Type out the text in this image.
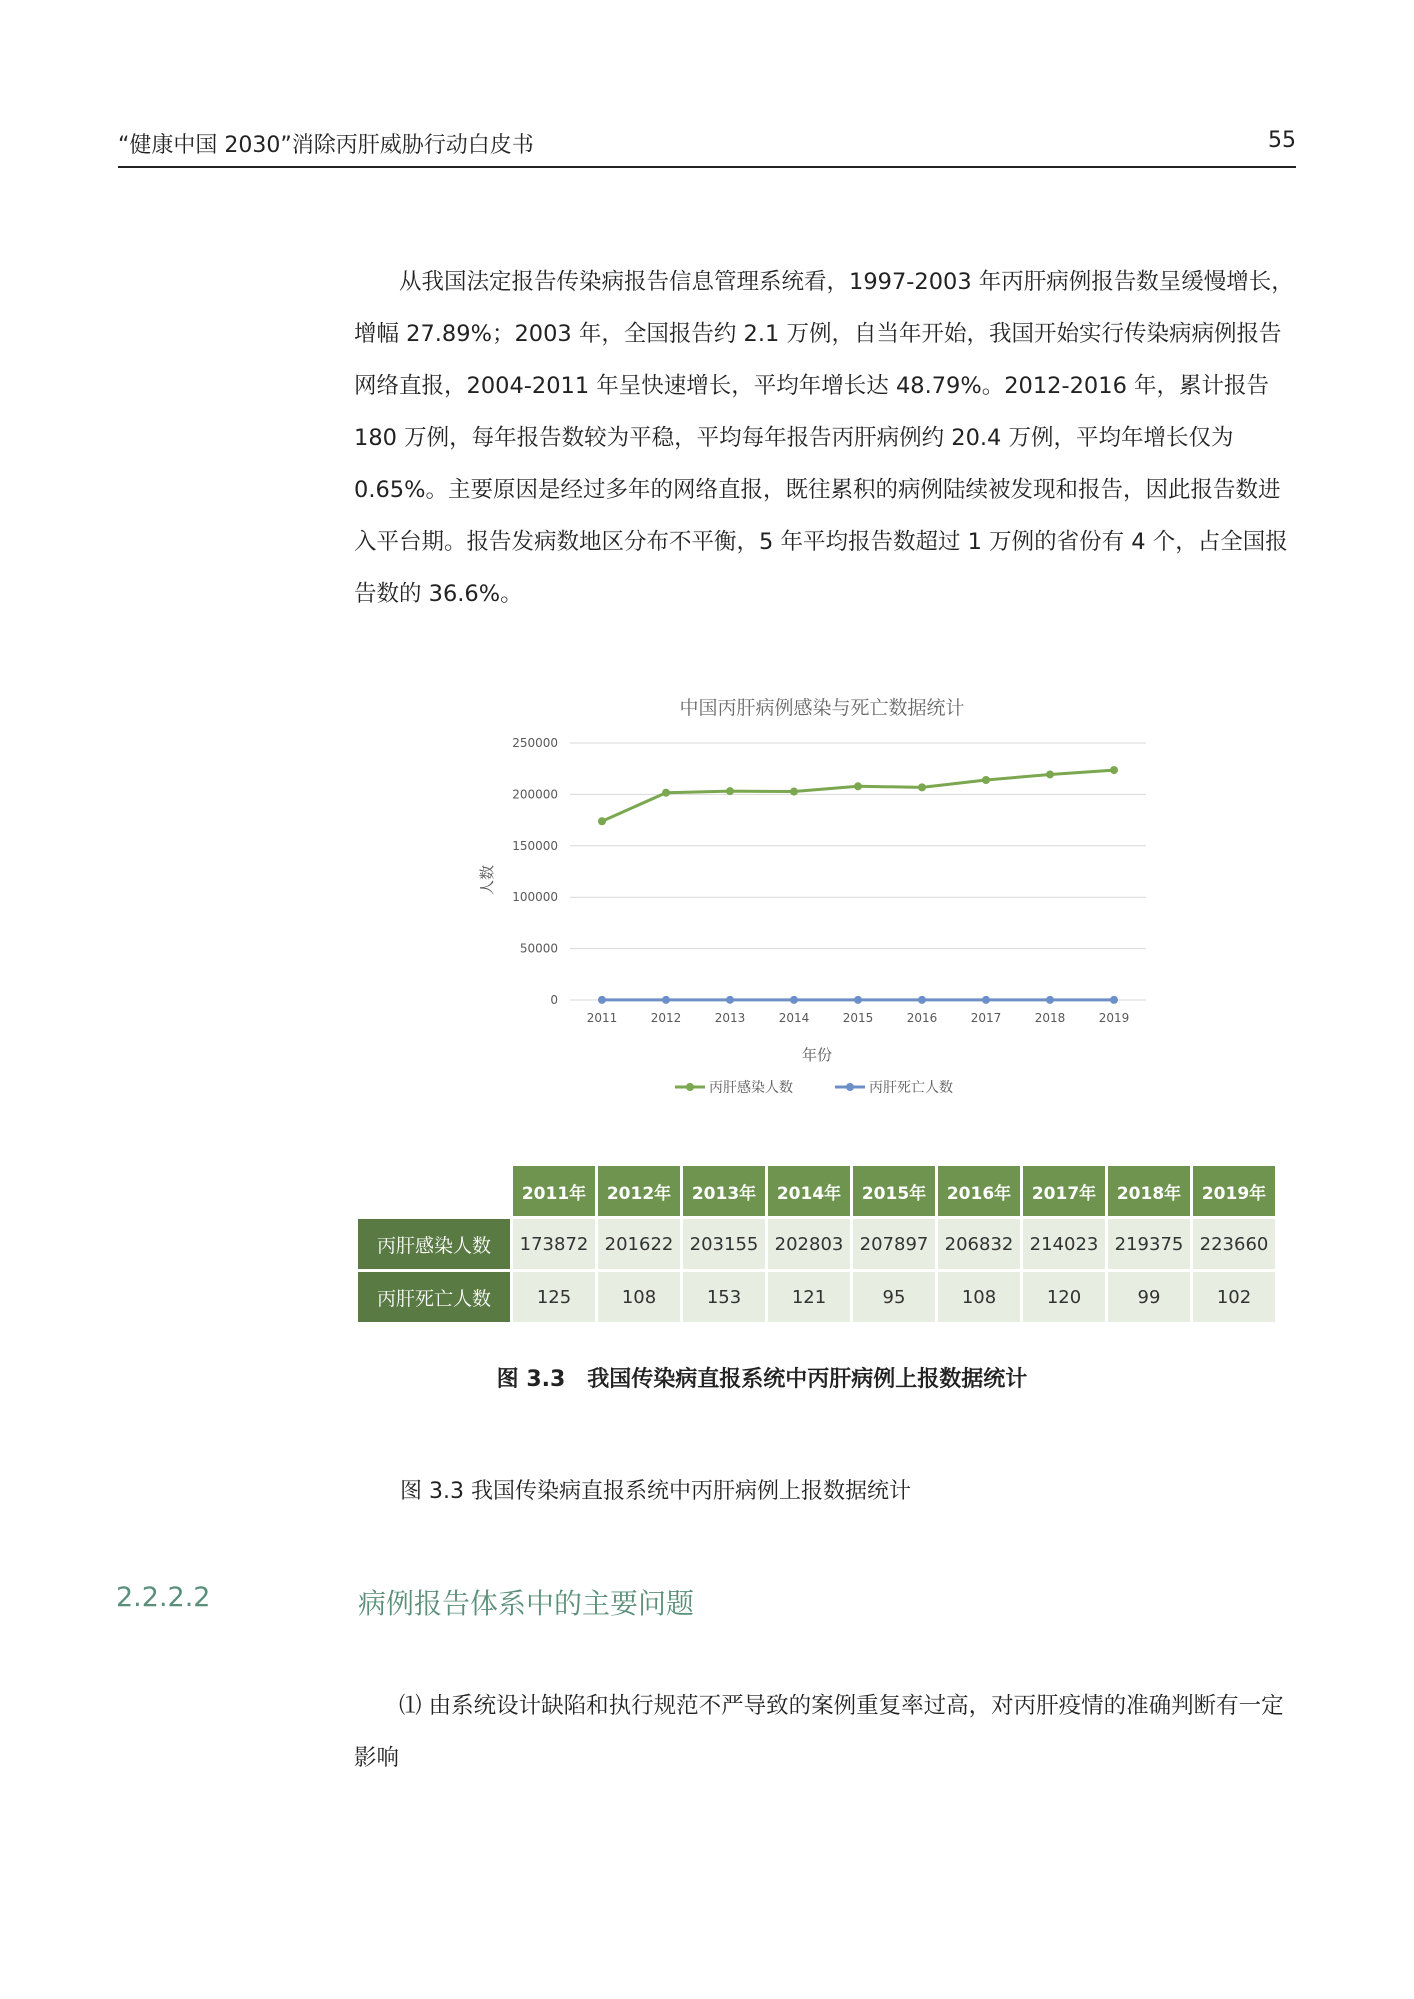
“健康中国 2030”消除丙肝威胁行动白皮书	55

从我国法定报告传染病报告信息管理系统看，1997-2003 年丙肝病例报告数呈缓慢增长，增幅 27.89%；2003 年，全国报告约 2.1 万例，自当年开始，我国开始实行传染病病例报告网络直报，2004-2011 年呈快速增长，平均年增长达 48.79%。2012-2016 年，累计报告 180 万例，每年报告数较为平稳，平均每年报告丙肝病例约 20.4 万例，平均年增长仅为 0.65%。主要原因是经过多年的网络直报，既往累积的病例陆续被发现和报告，因此报告数进入平台期。报告发病数地区分布不平衡，5 年平均报告数超过 1 万例的省份有 4 个，占全国报告数的 36.6%。

中国丙肝病例感染与死亡数据统计
人数
年份
0
50000
100000
150000
200000
250000
2011	2012	2013	2014	2015	2016	2017	2018	2019
丙肝感染人数	丙肝死亡人数
	2011年	2012年	2013年	2014年	2015年	2016年	2017年	2018年	2019年
丙肝感染人数	173872	201622	203155	202803	207897	206832	214023	219375	223660
丙肝死亡人数	125	108	153	121	95	108	120	99	102
图 3.3　我国传染病直报系统中丙肝病例上报数据统计
图 3.3 我国传染病直报系统中丙肝病例上报数据统计
2.2.2.2	病例报告体系中的主要问题

⑴ 由系统设计缺陷和执行规范不严导致的案例重复率过高，对丙肝疫情的准确判断有一定影响
